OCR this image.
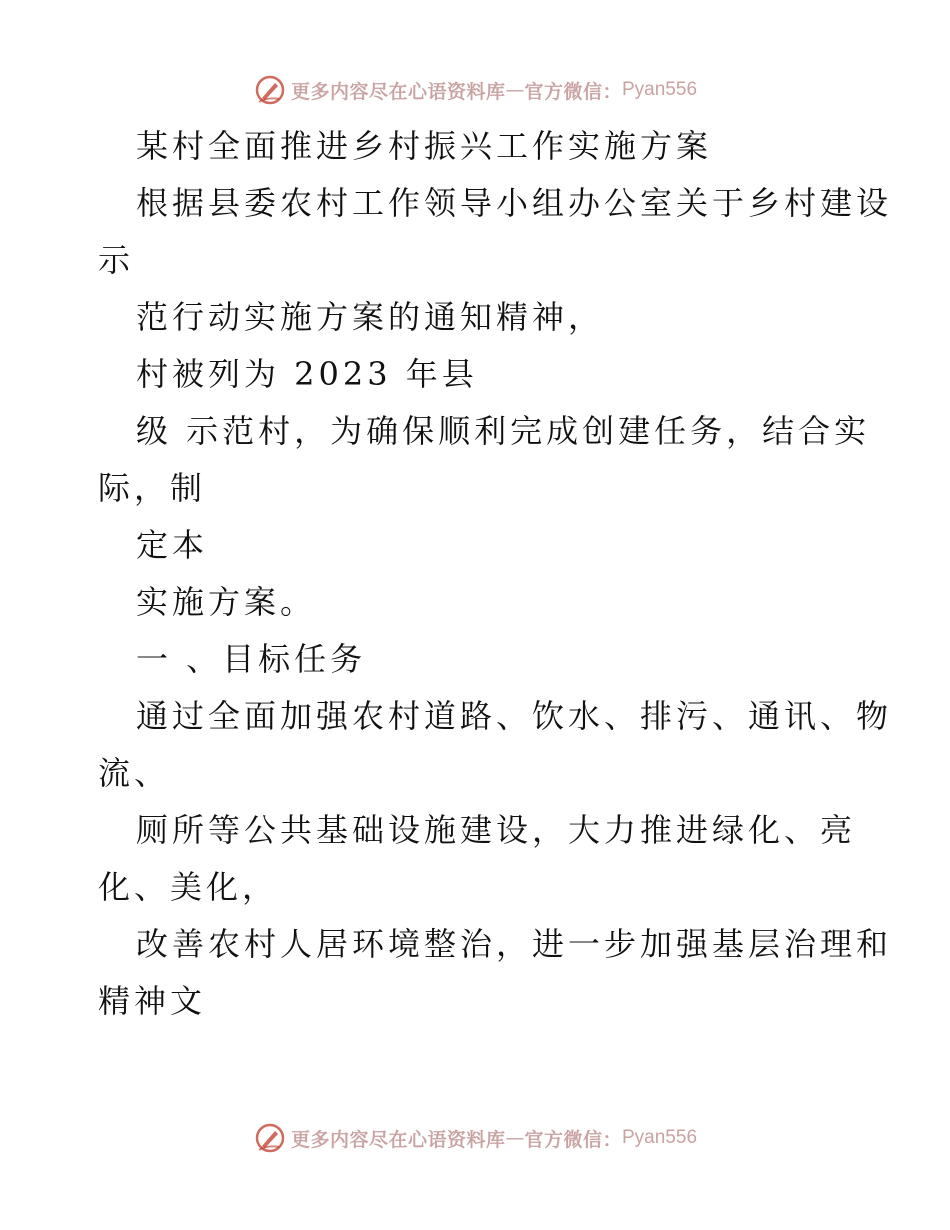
更多内容尽在心语资料库 — 官方微信： Pyan556
某村全面推进乡村振兴工作实施方案
根据县委农村工作领导小组办公室关于乡村建设
示
范行动实施方案的通知精神，
村被列为 2023 年县
级 示范村，为确保顺利完成创建任务，结合实
际，制
定本
实施方案。
一 、目标任务
通过全面加强农村道路、饮水、排污、通讯、物
流、
厕所等公共基础设施建设，大力推进绿化、亮
化、美化，
改善农村人居环境整治，进一步加强基层治理和
精神文
更多内容尽在心语资料库 — 官方微信： Pyan556
